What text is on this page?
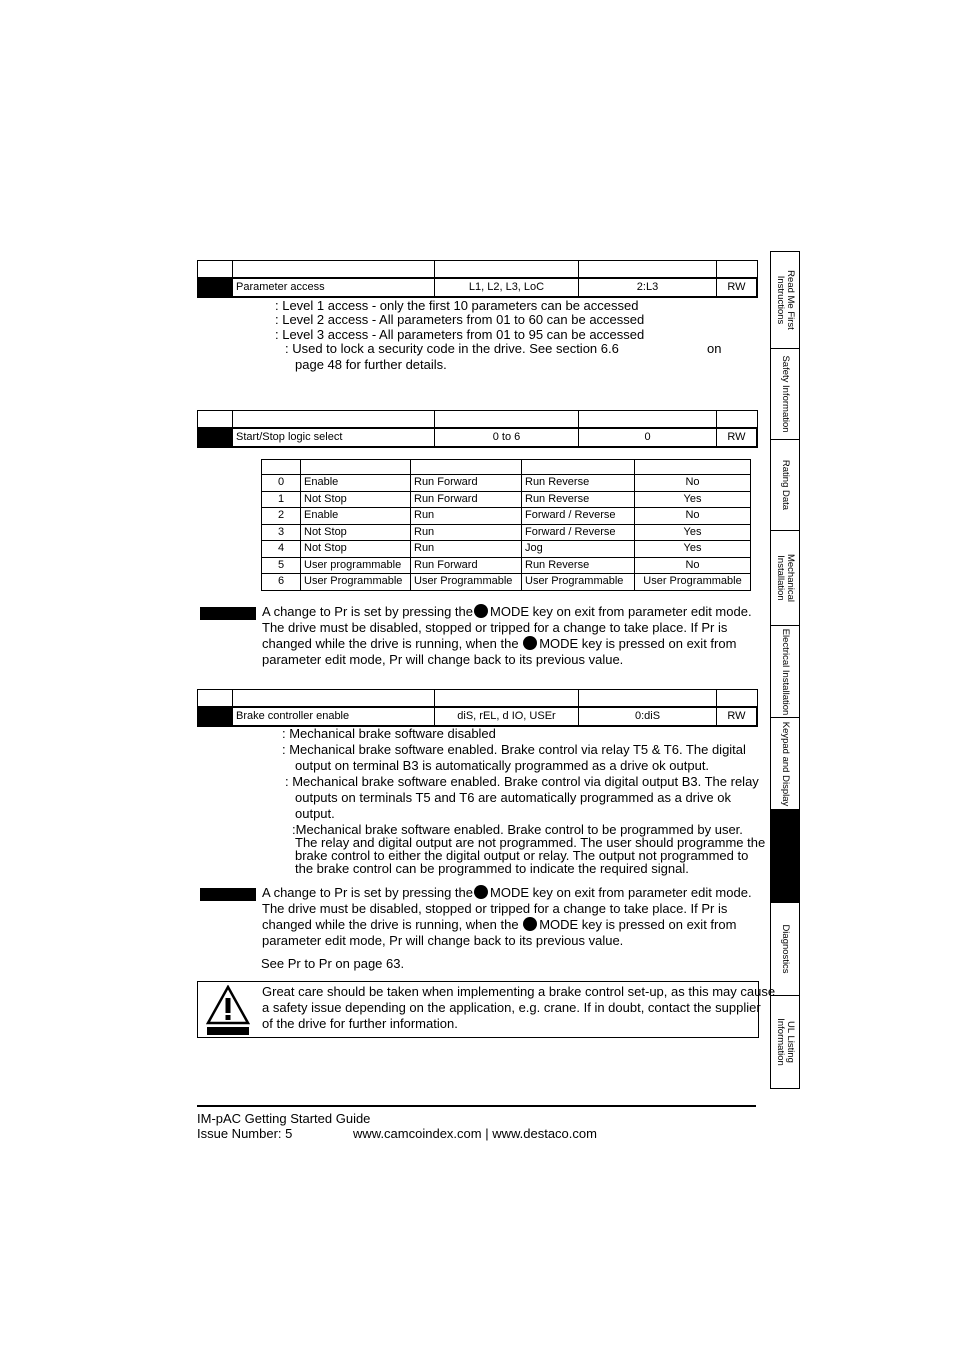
Parameter access	L1, L2, L3, LoC	2:L3	RW
: Level 1 access - only the first 10 parameters can be accessed
: Level 2 access - All parameters from 01 to 60 can be accessed
: Level 3 access - All parameters from 01 to 95 can be accessed
: Used to lock a security code in the drive. See section 6.6	on
page 48 for further details.
Start/Stop logic select	0 to 6	0	RW

0	Enable	Run Forward	Run Reverse	No
1	Not Stop	Run Forward	Run Reverse	Yes
2	Enable	Run	Forward / Reverse	No
3	Not Stop	Run	Forward / Reverse	Yes
4	Not Stop	Run	Jog	Yes
5	User programmable	Run Forward	Run Reverse	No
6	User Programmable	User Programmable	User Programmable	User Programmable
A change to Pr is set by pressing the MODE key on exit from parameter edit mode.
The drive must be disabled, stopped or tripped for a change to take place. If Pr is
changed while the drive is running, when the MODE key is pressed on exit from
parameter edit mode, Pr will change back to its previous value.
Brake controller enable	diS, rEL, d IO, USEr	0:diS	RW
: Mechanical brake software disabled
: Mechanical brake software enabled. Brake control via relay T5 & T6. The digital
output on terminal B3 is automatically programmed as a drive ok output.
: Mechanical brake software enabled. Brake control via digital output B3. The relay
outputs on terminals T5 and T6 are automatically programmed as a drive ok
output.
:Mechanical brake software enabled. Brake control to be programmed by user.
The relay and digital output are not programmed. The user should programme the
brake control to either the digital output or relay. The output not programmed to
the brake control can be programmed to indicate the required signal.
A change to Pr is set by pressing the MODE key on exit from parameter edit mode.
The drive must be disabled, stopped or tripped for a change to take place. If Pr is
changed while the drive is running, when the MODE key is pressed on exit from
parameter edit mode, Pr will change back to its previous value.
See Pr to Pr on page 63.
Great care should be taken when implementing a brake control set-up, as this may cause
a safety issue depending on the application, e.g. crane. If in doubt, contact the supplier
of the drive for further information.
IM-pAC Getting Started Guide
Issue Number: 5	www.camcoindex.com | www.destaco.com
Read Me First
Instructions
Safety Information
Rating Data
Mechanical
Installation
Electrical Installation
Keypad and Display
Diagnostics
UL Listing
Information
